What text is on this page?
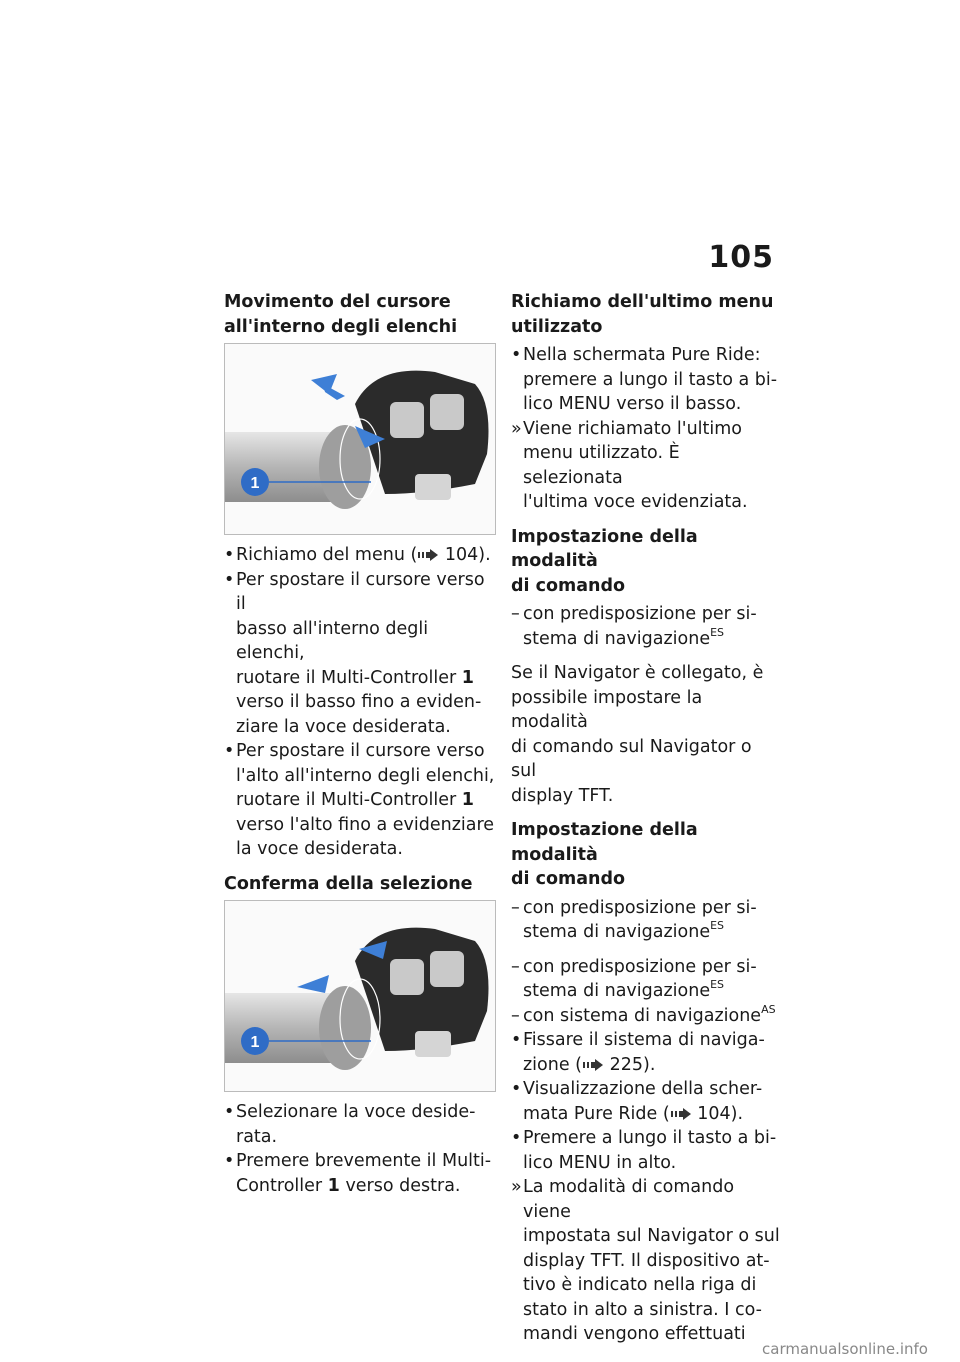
105
Movimento del cursore
all'interno degli elenchi
1
• Richiamo del menu ( 104).
• Per spostare il cursore verso il
basso all'interno degli elenchi,
ruotare il Multi-Controller 1
verso il basso fino a eviden-
ziare la voce desiderata.
• Per spostare il cursore verso
l'alto all'interno degli elenchi,
ruotare il Multi-Controller 1
verso l'alto fino a evidenziare
la voce desiderata.
Conferma della selezione
1
• Selezionare la voce deside-
rata.
• Premere brevemente il Multi-
Controller 1 verso destra.
Richiamo dell'ultimo menu
utilizzato
• Nella schermata Pure Ride:
premere a lungo il tasto a bi-
lico MENU verso il basso.
» Viene richiamato l'ultimo
menu utilizzato. È selezionata
l'ultima voce evidenziata.
Impostazione della modalità
di comando
– con predisposizione per si-
stema di navigazione$^{ES}$
Se il Navigator è collegato, è
possibile impostare la modalità
di comando sul Navigator o sul
display TFT.
Impostazione della modalità
di comando
– con predisposizione per si-
stema di navigazione$^{ES}$
– con predisposizione per si-
stema di navigazione$^{ES}$
– con sistema di navigazione$^{AS}$
• Fissare il sistema di naviga-
zione ( 225).
• Visualizzazione della scher-
mata Pure Ride ( 104).
• Premere a lungo il tasto a bi-
lico MENU in alto.
» La modalità di comando viene
impostata sul Navigator o sul
display TFT. Il dispositivo at-
tivo è indicato nella riga di
stato in alto a sinistra. I co-
mandi vengono effettuati
carmanualsonline.info
